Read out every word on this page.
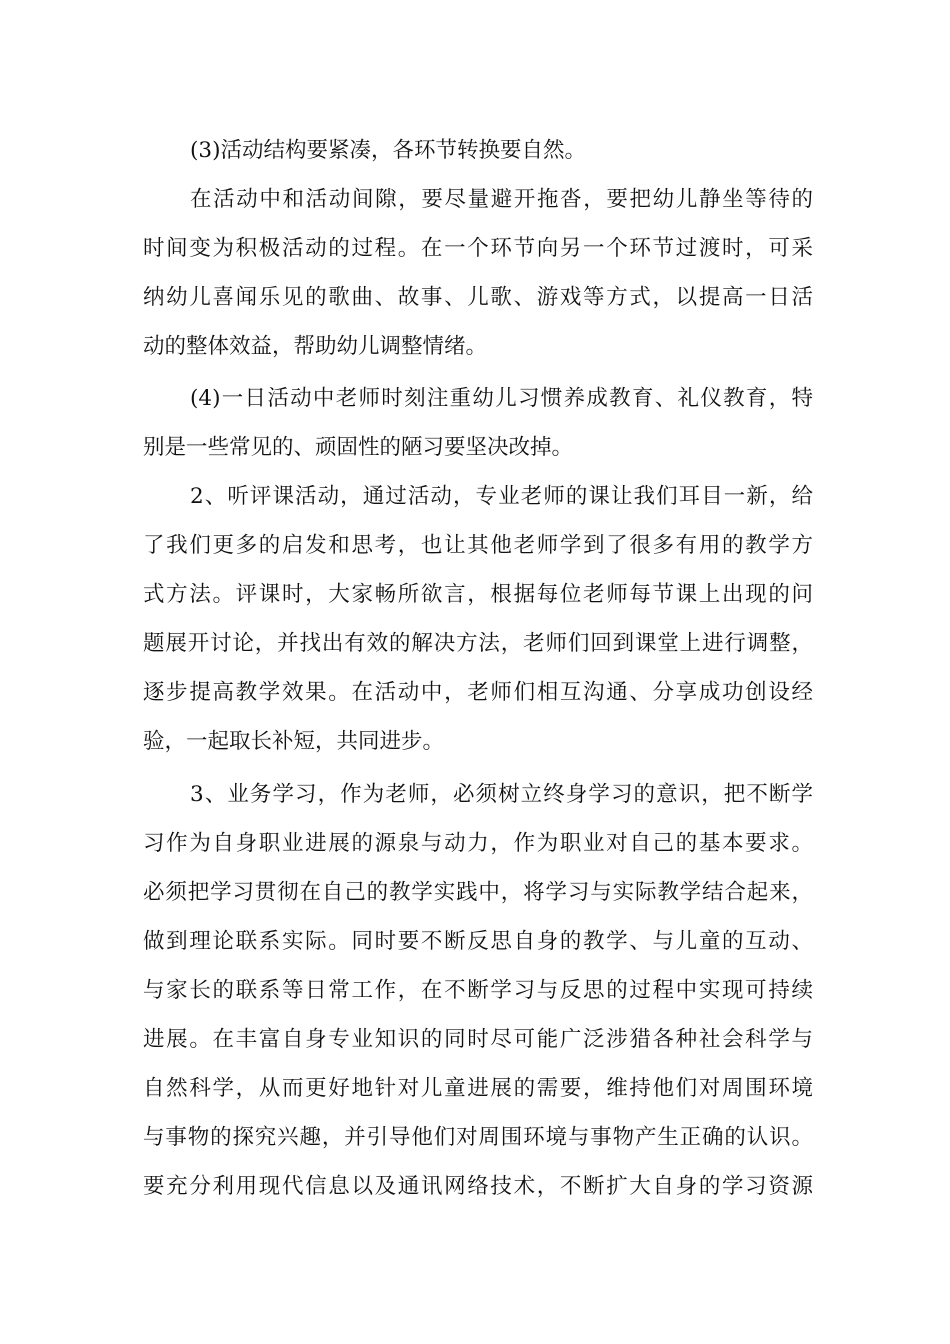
(3)活动结构要紧凑，各环节转换要自然。
在活动中和活动间隙，要尽量避开拖沓，要把幼儿静坐等待的
时间变为积极活动的过程。在一个环节向另一个环节过渡时，可采
纳幼儿喜闻乐见的歌曲、故事、儿歌、游戏等方式，以提高一日活
动的整体效益，帮助幼儿调整情绪。
(4)一日活动中老师时刻注重幼儿习惯养成教育、礼仪教育，特
别是一些常见的、顽固性的陋习要坚决改掉。
2、听评课活动，通过活动，专业老师的课让我们耳目一新，给
了我们更多的启发和思考，也让其他老师学到了很多有用的教学方
式方法。评课时，大家畅所欲言，根据每位老师每节课上出现的问
题展开讨论，并找出有效的解决方法，老师们回到课堂上进行调整，
逐步提高教学效果。在活动中，老师们相互沟通、分享成功创设经
验，一起取长补短，共同进步。
3、业务学习，作为老师，必须树立终身学习的意识，把不断学
习作为自身职业进展的源泉与动力，作为职业对自己的基本要求。
必须把学习贯彻在自己的教学实践中，将学习与实际教学结合起来，
做到理论联系实际。同时要不断反思自身的教学、与儿童的互动、
与家长的联系等日常工作，在不断学习与反思的过程中实现可持续
进展。在丰富自身专业知识的同时尽可能广泛涉猎各种社会科学与
自然科学，从而更好地针对儿童进展的需要，维持他们对周围环境
与事物的探究兴趣，并引导他们对周围环境与事物产生正确的认识。
要充分利用现代信息以及通讯网络技术，不断扩大自身的学习资源
